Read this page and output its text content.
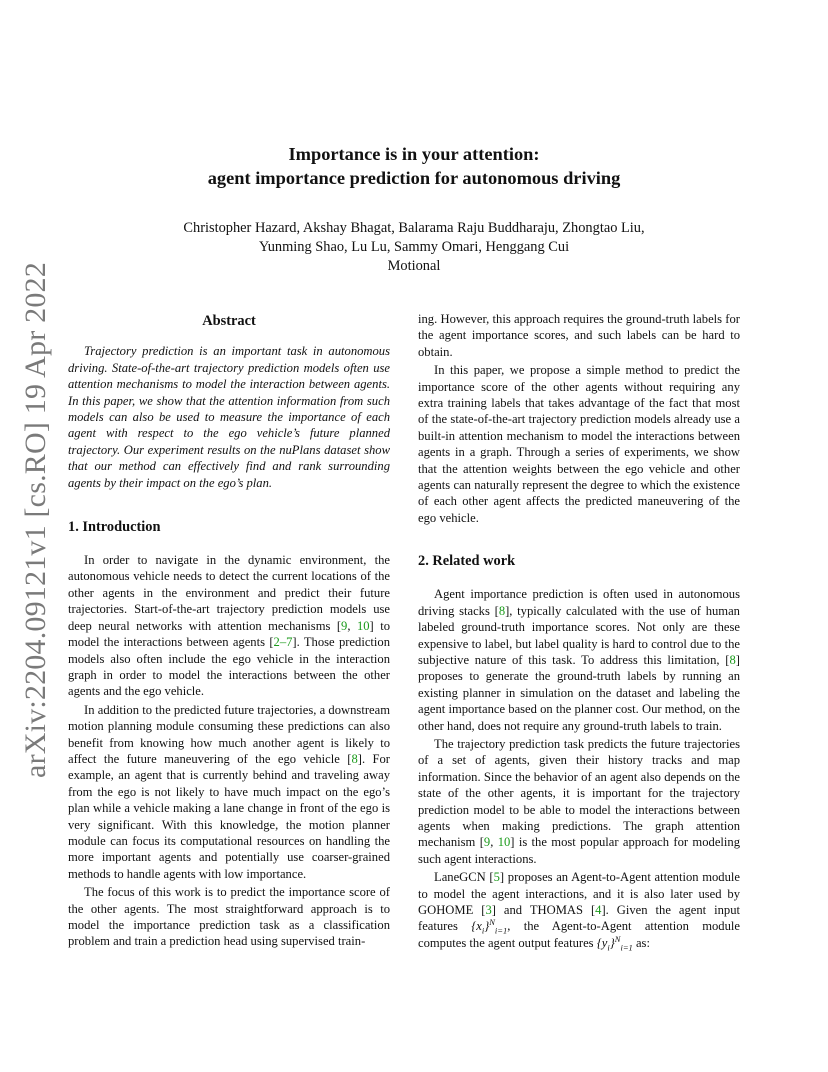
arXiv:2204.09121v1 [cs.RO] 19 Apr 2022
Importance is in your attention:
agent importance prediction for autonomous driving
Christopher Hazard, Akshay Bhagat, Balarama Raju Buddharaju, Zhongtao Liu,
Yunming Shao, Lu Lu, Sammy Omari, Henggang Cui
Motional
Abstract

Trajectory prediction is an important task in autonomous driving. State-of-the-art trajectory prediction models often use attention mechanisms to model the interaction between agents. In this paper, we show that the attention information from such models can also be used to measure the importance of each agent with respect to the ego vehicle’s future planned trajectory. Our experiment results on the nuPlans dataset show that our method can effectively find and rank surrounding agents by their impact on the ego’s plan.

1. Introduction

In order to navigate in the dynamic environment, the autonomous vehicle needs to detect the current locations of the other agents in the environment and predict their future trajectories. Start-of-the-art trajectory prediction models use deep neural networks with attention mechanisms [9, 10] to model the interactions between agents [2–7]. Those prediction models also often include the ego vehicle in the interaction graph in order to model the interactions between the other agents and the ego vehicle.

In addition to the predicted future trajectories, a downstream motion planning module consuming these predictions can also benefit from knowing how much another agent is likely to affect the future maneuvering of the ego vehicle [8]. For example, an agent that is currently behind and traveling away from the ego is not likely to have much impact on the ego’s plan while a vehicle making a lane change in front of the ego is very significant. With this knowledge, the motion planner module can focus its computational resources on handling the more important agents and potentially use coarser-grained methods to handle agents with low importance.

The focus of this work is to predict the importance score of the other agents. The most straightforward approach is to model the importance prediction task as a classification problem and train a prediction head using supervised train-

ing. However, this approach requires the ground-truth labels for the agent importance scores, and such labels can be hard to obtain.

In this paper, we propose a simple method to predict the importance score of the other agents without requiring any extra training labels that takes advantage of the fact that most of the state-of-the-art trajectory prediction models already use a built-in attention mechanism to model the interactions between agents in a graph. Through a series of experiments, we show that the attention weights between the ego vehicle and other agents can naturally represent the degree to which the existence of each other agent affects the predicted maneuvering of the ego vehicle.

2. Related work

Agent importance prediction is often used in autonomous driving stacks [8], typically calculated with the use of human labeled ground-truth importance scores. Not only are these expensive to label, but label quality is hard to control due to the subjective nature of this task. To address this limitation, [8] proposes to generate the ground-truth labels by running an existing planner in simulation on the dataset and labeling the agent importance based on the planner cost. Our method, on the other hand, does not require any ground-truth labels to train.

The trajectory prediction task predicts the future trajectories of a set of agents, given their history tracks and map information. Since the behavior of an agent also depends on the state of the other agents, it is important for the trajectory prediction model to be able to model the interactions between agents when making predictions. The graph attention mechanism [9, 10] is the most popular approach for modeling such agent interactions.

LaneGCN [5] proposes an Agent-to-Agent attention module to model the agent interactions, and it is also later used by GOHOME [3] and THOMAS [4]. Given the agent input features $\{x_i\}^N_{i=1}$, the Agent-to-Agent attention module computes the agent output features $\{y_i\}^N_{i=1}$ as:
